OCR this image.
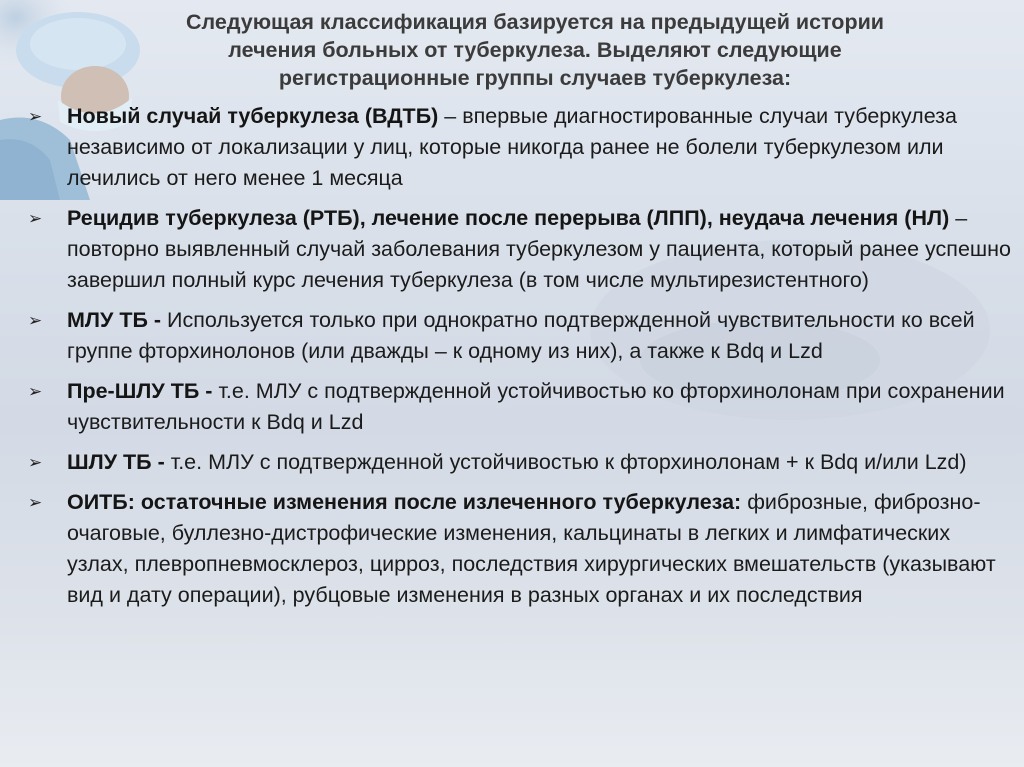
Следующая классификация базируется на предыдущей истории
лечения больных от туберкулеза. Выделяют следующие
регистрационные группы случаев туберкулеза:
➢ Новый случай туберкулеза (ВДТБ) – впервые диагностированные случаи туберкулеза независимо от локализации у лиц, которые никогда ранее не болели туберкулезом или лечились от него менее 1 месяца
➢ Рецидив туберкулеза (РТБ), лечение после перерыва (ЛПП), неудача лечения (НЛ) – повторно выявленный случай заболевания туберкулезом у пациента, который ранее успешно завершил полный курс лечения туберкулеза (в том числе мультирезистентного)
➢ МЛУ ТБ - Используется только при однократно подтвержденной чувствительности ко всей группе фторхинолонов (или дважды – к одному из них), а также к Bdq и Lzd
➢ Пре-ШЛУ ТБ - т.е. МЛУ с подтвержденной устойчивостью ко фторхинолонам при сохранении чувствительности к Bdq и Lzd
➢ ШЛУ ТБ - т.е. МЛУ с подтвержденной устойчивостью к фторхинолонам + к Bdq и/или Lzd)
➢ ОИТБ: остаточные изменения после излеченного туберкулеза: фиброзные, фиброзно-очаговые, буллезно-дистрофические изменения, кальцинаты в легких и лимфатических узлах, плевропневмосклероз, цирроз, последствия хирургических вмешательств (указывают вид и дату операции), рубцовые изменения в разных органах и их последствия
